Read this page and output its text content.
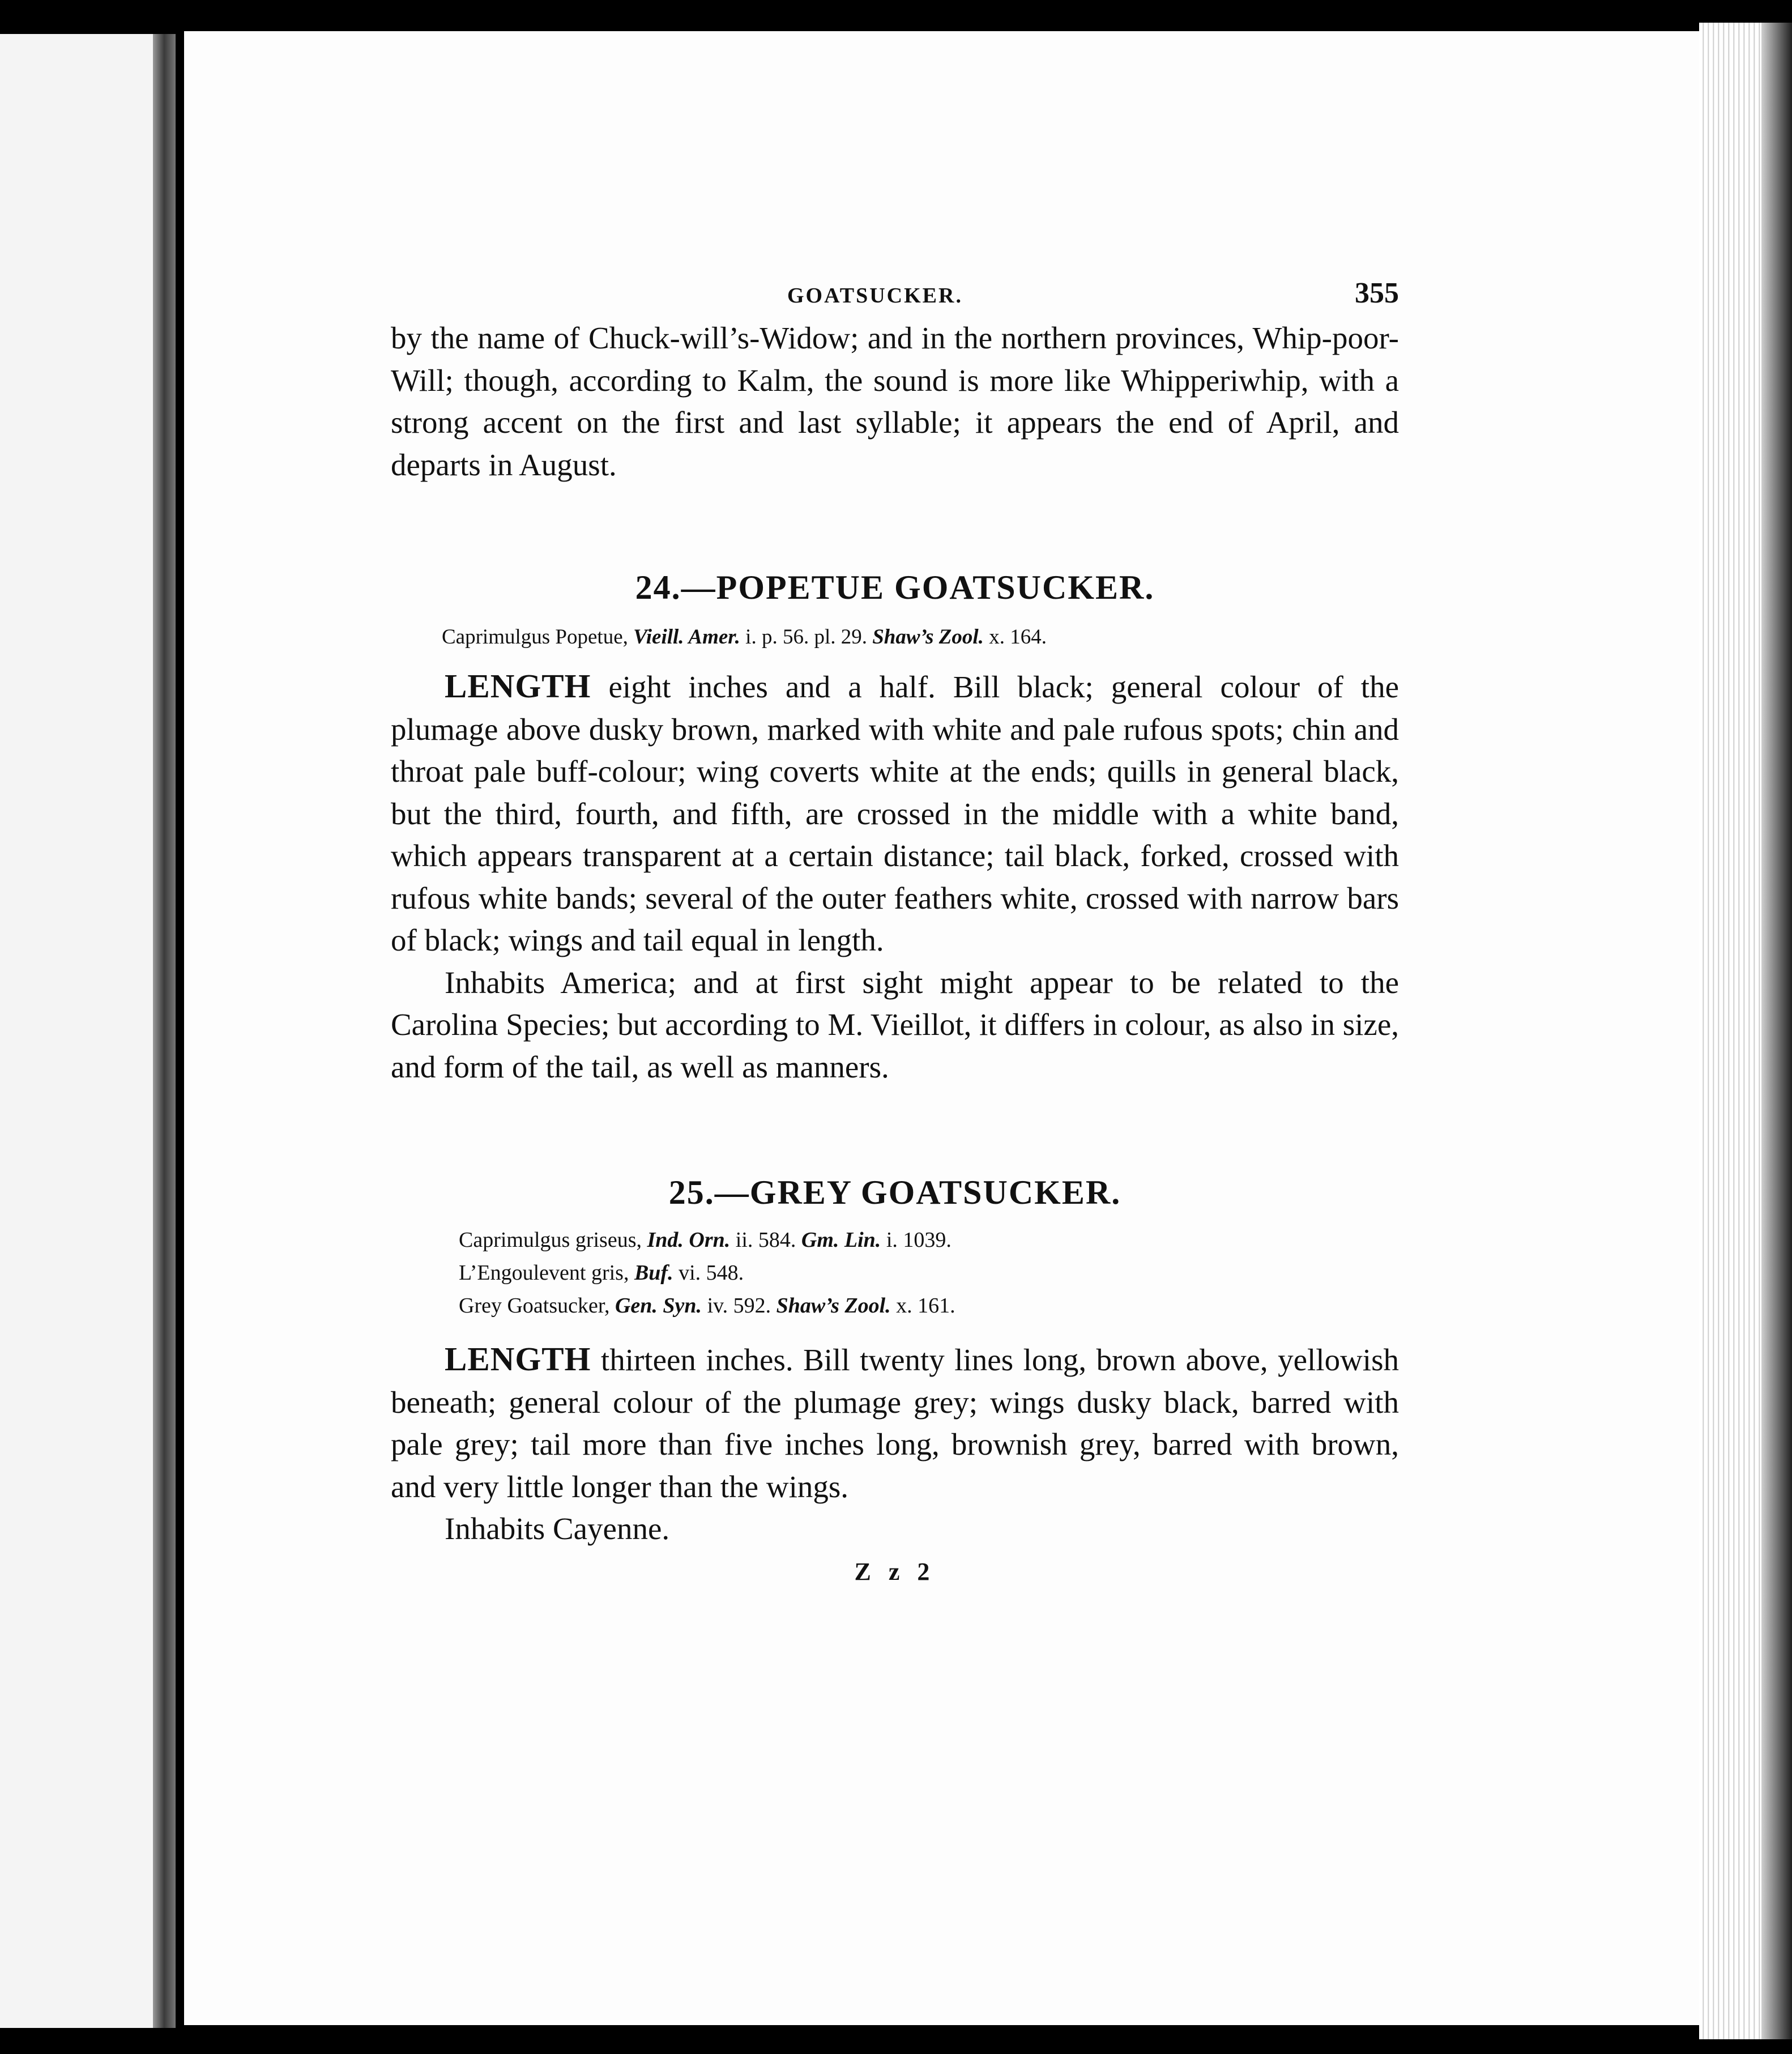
GOATSUCKER.	355

by the name of Chuck-will’s-Widow; and in the northern provinces, Whip-poor-Will; though, according to Kalm, the sound is more like Whipperiwhip, with a strong accent on the first and last syllable; it appears the end of April, and departs in August.

24.—POPETUE GOATSUCKER.

Caprimulgus Popetue, Vieill. Amer. i. p. 56. pl. 29. Shaw’s Zool. x. 164.

LENGTH eight inches and a half. Bill black; general colour of the plumage above dusky brown, marked with white and pale rufous spots; chin and throat pale buff-colour; wing coverts white at the ends; quills in general black, but the third, fourth, and fifth, are crossed in the middle with a white band, which appears transparent at a certain distance; tail black, forked, crossed with rufous white bands; several of the outer feathers white, crossed with narrow bars of black; wings and tail equal in length.

Inhabits America; and at first sight might appear to be related to the Carolina Species; but according to M. Vieillot, it differs in colour, as also in size, and form of the tail, as well as manners.

25.—GREY GOATSUCKER.

Caprimulgus griseus, Ind. Orn. ii. 584. Gm. Lin. i. 1039.

L’Engoulevent gris, Buf. vi. 548.

Grey Goatsucker, Gen. Syn. iv. 592. Shaw’s Zool. x. 161.

LENGTH thirteen inches. Bill twenty lines long, brown above, yellowish beneath; general colour of the plumage grey; wings dusky black, barred with pale grey; tail more than five inches long, brownish grey, barred with brown, and very little longer than the wings.

Inhabits Cayenne.

Z z 2
